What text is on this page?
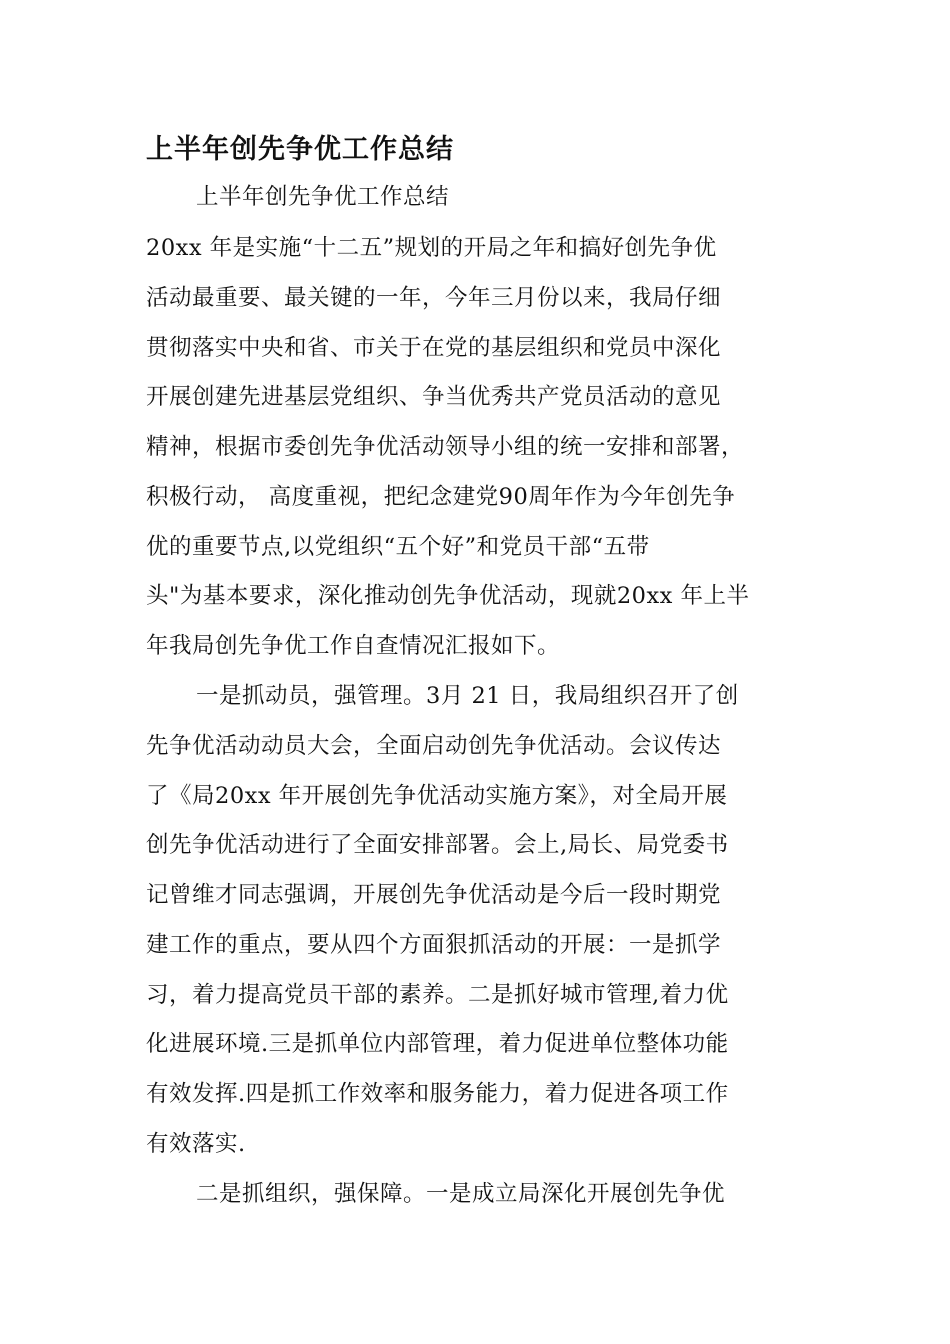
上半年创先争优工作总结
上半年创先争优工作总结
20xx 年是实施“十二五”规划的开局之年和搞好创先争优
活动最重要、最关键的一年，今年三月份以来，我局仔细
贯彻落实中央和省、市关于在党的基层组织和党员中深化
开展创建先进基层党组织、争当优秀共产党员活动的意见
精神，根据市委创先争优活动领导小组的统一安排和部署，
积极行动， 高度重视，把纪念建党90周年作为今年创先争
优的重要节点,以党组织“五个好”和党员干部“五带
头"为基本要求，深化推动创先争优活动，现就20xx 年上半
年我局创先争优工作自查情况汇报如下。
一是抓动员，强管理。3月 21 日，我局组织召开了创
先争优活动动员大会，全面启动创先争优活动。会议传达
了《局20xx 年开展创先争优活动实施方案》，对全局开展
创先争优活动进行了全面安排部署。会上,局长、局党委书
记曾维才同志强调，开展创先争优活动是今后一段时期党
建工作的重点，要从四个方面狠抓活动的开展：一是抓学
习，着力提高党员干部的素养。二是抓好城市管理,着力优
化进展环境.三是抓单位内部管理，着力促进单位整体功能
有效发挥.四是抓工作效率和服务能力，着力促进各项工作
有效落实.
二是抓组织，强保障。一是成立局深化开展创先争优
